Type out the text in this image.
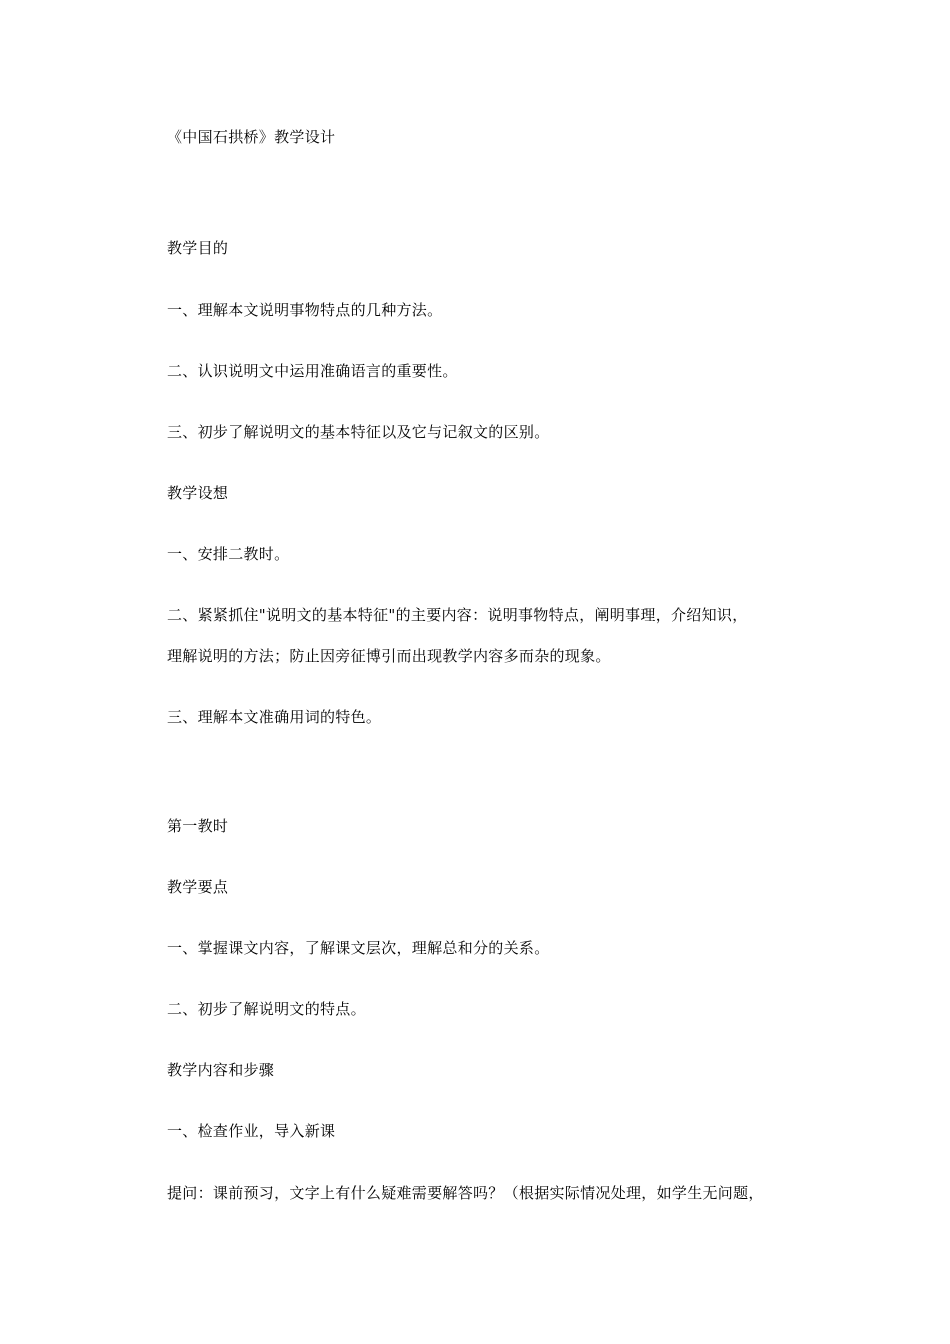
《中国石拱桥》教学设计
教学目的
一、理解本文说明事物特点的几种方法。
二、认识说明文中运用准确语言的重要性。
三、初步了解说明文的基本特征以及它与记叙文的区别。
教学设想
一、安排二教时。
二、紧紧抓住"说明文的基本特征"的主要内容：说明事物特点，阐明事理，介绍知识，
理解说明的方法；防止因旁征博引而出现教学内容多而杂的现象。
三、理解本文准确用词的特色。
第一教时
教学要点
一、掌握课文内容，了解课文层次，理解总和分的关系。
二、初步了解说明文的特点。
教学内容和步骤
一、检查作业，导入新课
提问：课前预习，文字上有什么疑难需要解答吗？（根据实际情况处理，如学生无问题，
